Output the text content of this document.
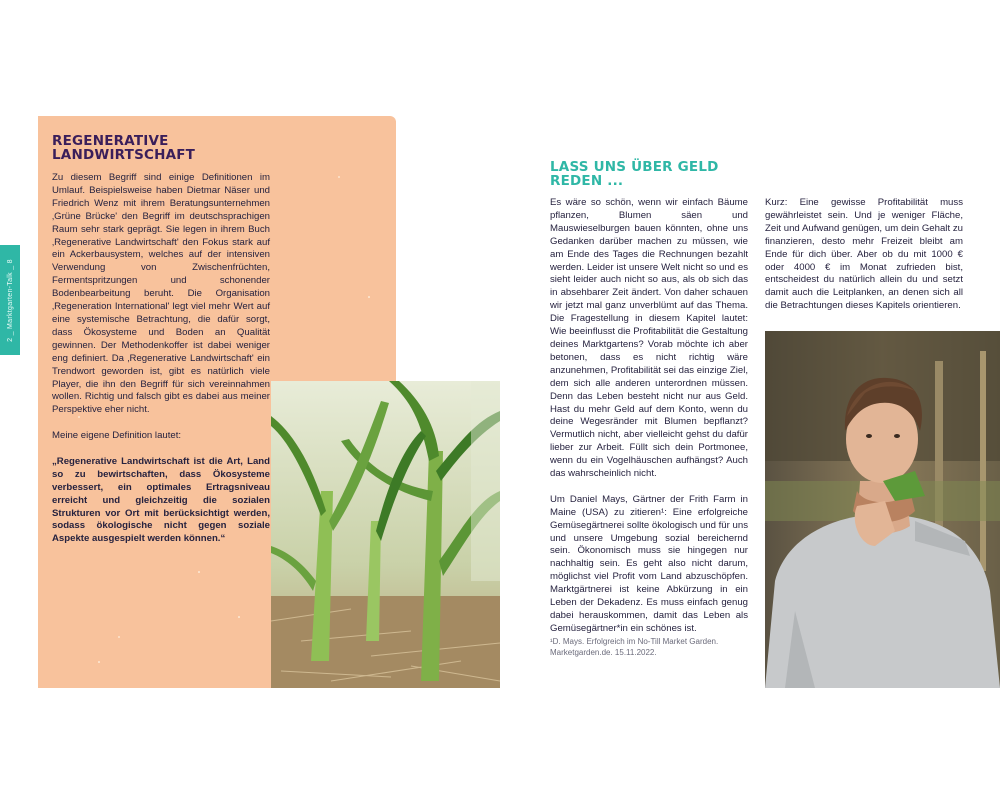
2 _ Marktgarten-Talk _ 8
REGENERATIVE
LANDWIRTSCHAFT

Zu diesem Begriff sind einige Definitionen im Umlauf. Beispielsweise haben Dietmar Näser und Friedrich Wenz mit ihrem Beratungsunternehmen ‚Grüne Brücke' den Begriff im deutschsprachigen Raum sehr stark geprägt. Sie legen in ihrem Buch ‚Regenerative Landwirtschaft' den Fokus stark auf ein Ackerbausystem, welches auf der intensiven Verwendung von Zwischenfrüchten, Fermentspritzungen und schonender Bodenbearbeitung beruht. Die Organisation ‚Regeneration International' legt viel mehr Wert auf eine systemische Betrachtung, die dafür sorgt, dass Ökosysteme und Boden an Qualität gewinnen. Der Methodenkoffer ist dabei weniger eng definiert. Da ‚Regenerative Landwirtschaft' ein Trendwort geworden ist, gibt es natürlich viele Player, die ihn den Begriff für sich vereinnahmen wollen. Richtig und falsch gibt es dabei aus meiner Perspektive eher nicht.

Meine eigene Definition lautet:

„Regenerative Landwirtschaft ist die Art, Land so zu bewirtschaften, dass Ökosysteme verbessert, ein optimales Ertragsniveau erreicht und gleichzeitig die sozialen Strukturen vor Ort mit berücksichtigt werden, sodass ökologische nicht gegen soziale Aspekte ausgespielt werden können.“

LASS UNS ÜBER GELD
REDEN ...

Es wäre so schön, wenn wir einfach Bäume pflanzen, Blumen säen und Mauswieselburgen bauen könnten, ohne uns Gedanken darüber machen zu müssen, wie am Ende des Tages die Rechnungen bezahlt werden. Leider ist unsere Welt nicht so und es sieht leider auch nicht so aus, als ob sich das in absehbarer Zeit ändert. Von daher schauen wir jetzt mal ganz unverblümt auf das Thema. Die Fragestellung in diesem Kapitel lautet: Wie beeinflusst die Profitabilität die Gestaltung deines Marktgartens? Vorab möchte ich aber betonen, dass es nicht richtig wäre anzunehmen, Profitabilität sei das einzige Ziel, dem sich alle anderen unterordnen müssen. Denn das Leben besteht nicht nur aus Geld. Hast du mehr Geld auf dem Konto, wenn du deine Wegesränder mit Blumen bepflanzt? Vermutlich nicht, aber vielleicht gehst du dafür lieber zur Arbeit. Füllt sich dein Portmonee, wenn du ein Vogelhäuschen aufhängst? Auch das wahrscheinlich nicht.

Um Daniel Mays, Gärtner der Frith Farm in Maine (USA) zu zitieren¹: Eine erfolgreiche Gemüsegärtnerei sollte ökologisch und für uns und unsere Umgebung sozial bereichernd sein. Ökonomisch muss sie hingegen nur nachhaltig sein. Es geht also nicht darum, möglichst viel Profit vom Land abzuschöpfen. Marktgärtnerei ist keine Abkürzung in ein Leben der Dekadenz. Es muss einfach genug dabei herauskommen, damit das Leben als Gemüsegärtner*in ein schönes ist.

Kurz: Eine gewisse Profitabilität muss gewährleistet sein. Und je weniger Fläche, Zeit und Aufwand genügen, um dein Gehalt zu finanzieren, desto mehr Freizeit bleibt am Ende für dich über. Aber ob du mit 1000 € oder 4000 € im Monat zufrieden bist, entscheidest du natürlich allein du und setzt damit auch die Leitplanken, an denen sich all die Betrachtungen dieses Kapitels orientieren.

¹D. Mays. Erfolgreich im No-Till Market Garden.
Marketgarden.de. 15.11.2022.
